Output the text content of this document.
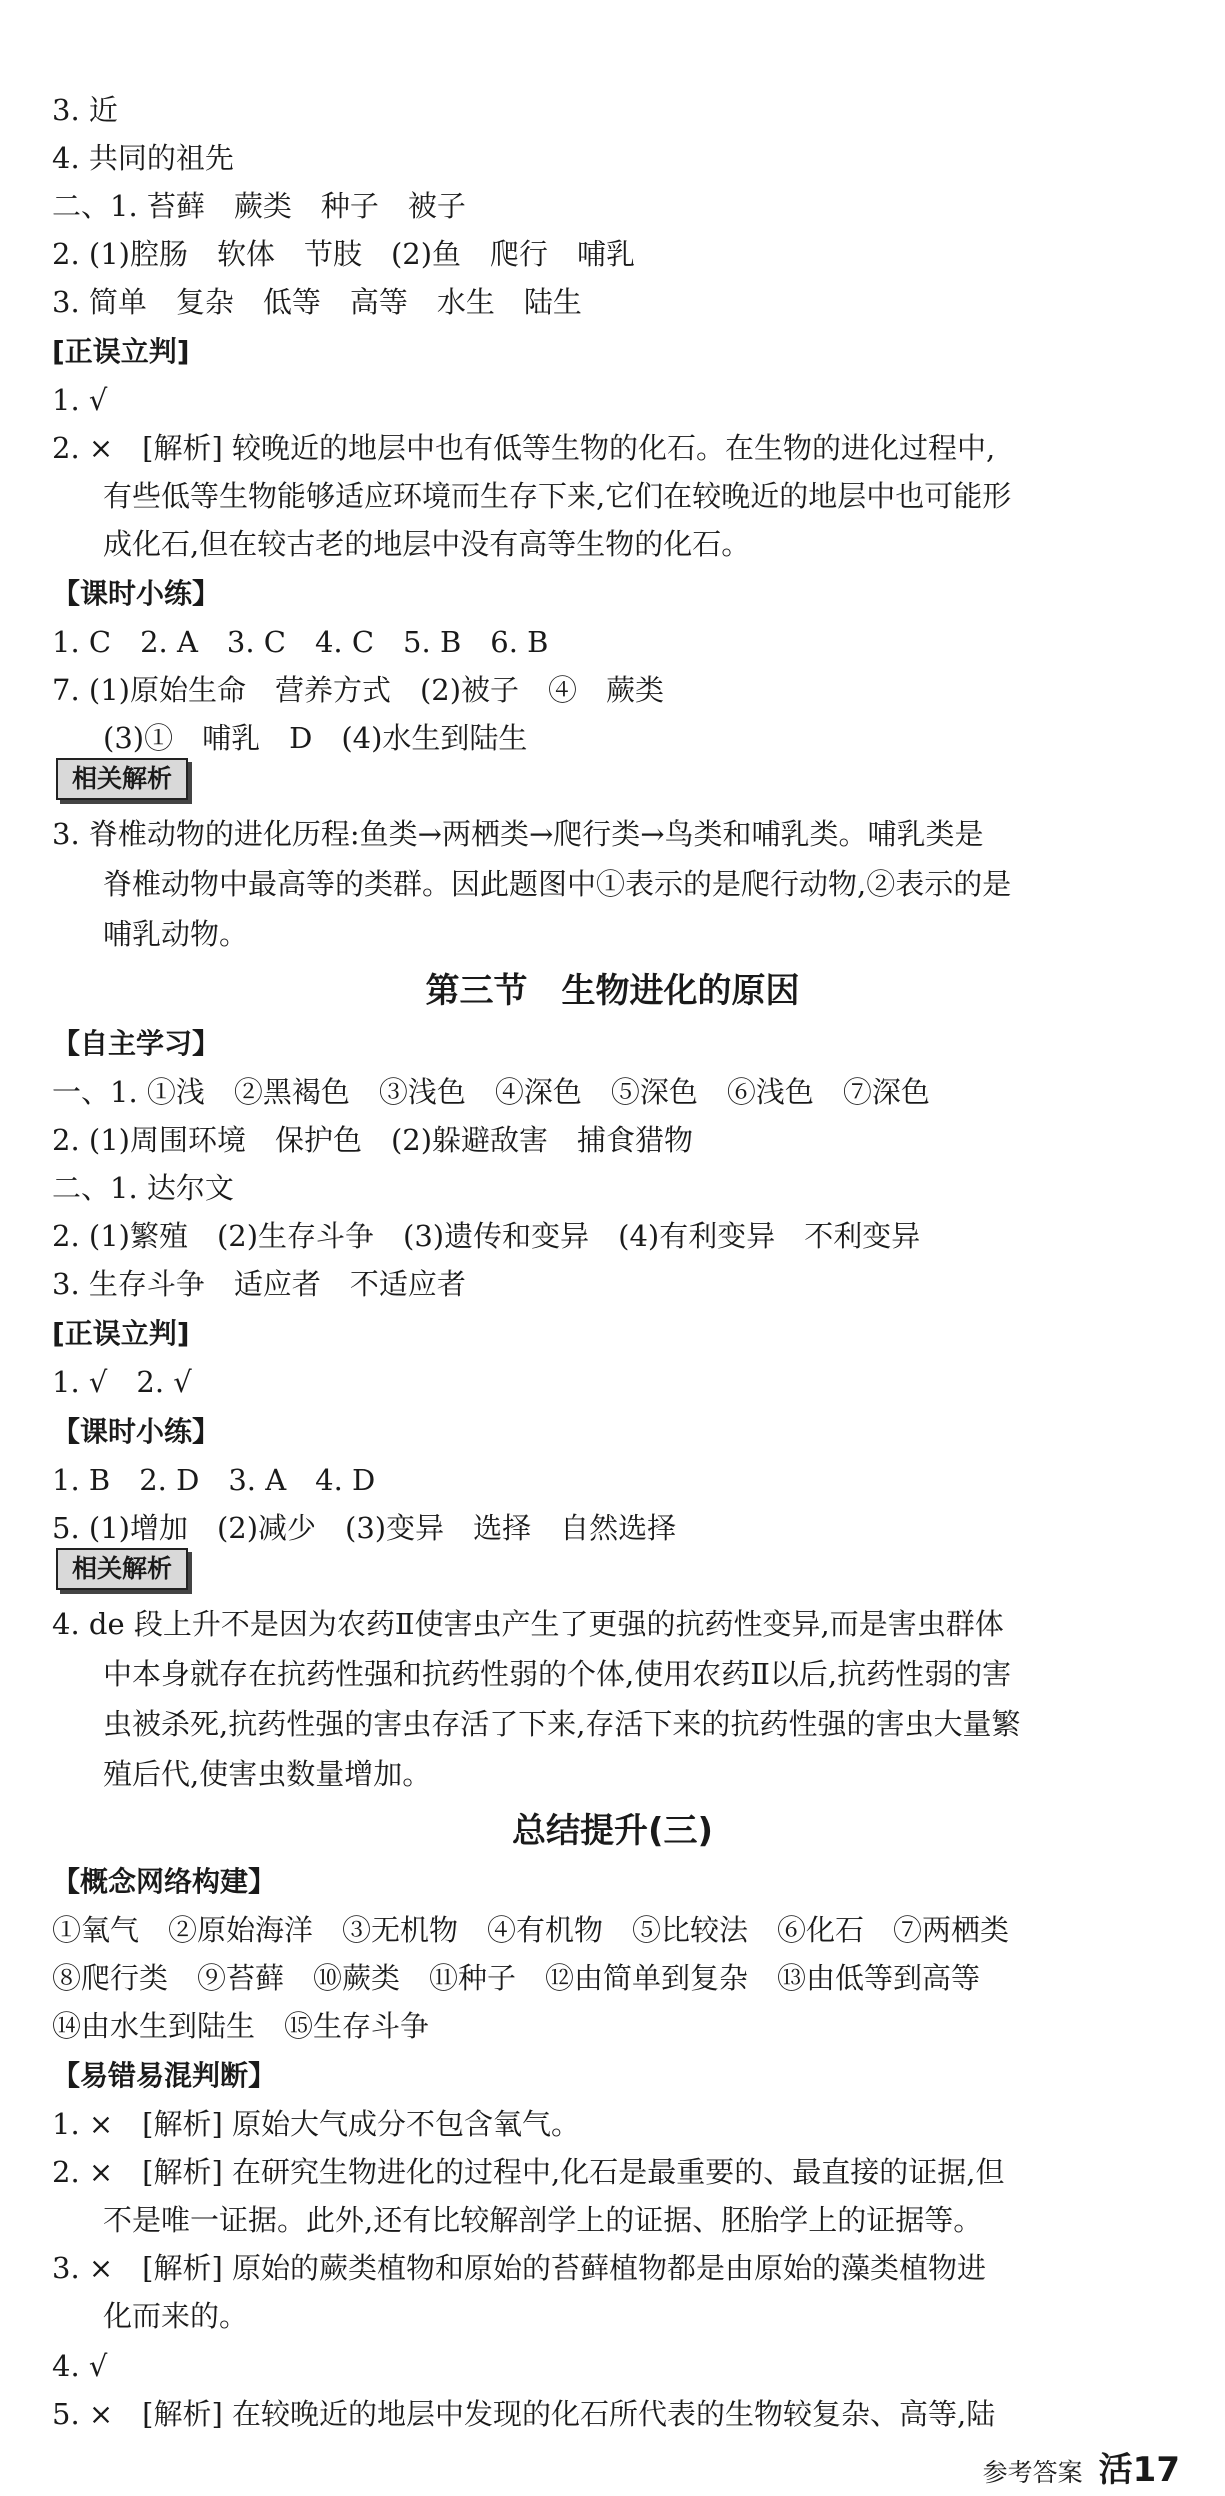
3. 近
4. 共同的祖先
二、1. 苔藓　蕨类　种子　被子
2. (1)腔肠　软体　节肢　(2)鱼　爬行　哺乳
3. 简单　复杂　低等　高等　水生　陆生
[正误立判]
1. √
2. ×　[解析] 较晚近的地层中也有低等生物的化石。在生物的进化过程中,
有些低等生物能够适应环境而生存下来,它们在较晚近的地层中也可能形
成化石,但在较古老的地层中没有高等生物的化石。
【课时小练】
1. C　2. A　3. C　4. C　5. B　6. B
7. (1)原始生命　营养方式　(2)被子　④　蕨类
(3)①　哺乳　D　(4)水生到陆生
相关解析
3. 脊椎动物的进化历程:鱼类→两栖类→爬行类→鸟类和哺乳类。哺乳类是
脊椎动物中最高等的类群。因此题图中①表示的是爬行动物,②表示的是
哺乳动物。
第三节　生物进化的原因
【自主学习】
一、1. ①浅　②黑褐色　③浅色　④深色　⑤深色　⑥浅色　⑦深色
2. (1)周围环境　保护色　(2)躲避敌害　捕食猎物
二、1. 达尔文
2. (1)繁殖　(2)生存斗争　(3)遗传和变异　(4)有利变异　不利变异
3. 生存斗争　适应者　不适应者
[正误立判]
1. √　2. √
【课时小练】
1. B　2. D　3. A　4. D
5. (1)增加　(2)减少　(3)变异　选择　自然选择
相关解析
4. de 段上升不是因为农药Ⅱ使害虫产生了更强的抗药性变异,而是害虫群体
中本身就存在抗药性强和抗药性弱的个体,使用农药Ⅱ以后,抗药性弱的害
虫被杀死,抗药性强的害虫存活了下来,存活下来的抗药性强的害虫大量繁
殖后代,使害虫数量增加。
总结提升(三)
【概念网络构建】
①氧气　②原始海洋　③无机物　④有机物　⑤比较法　⑥化石　⑦两栖类
⑧爬行类　⑨苔藓　⑩蕨类　⑪种子　⑫由简单到复杂　⑬由低等到高等
⑭由水生到陆生　⑮生存斗争
【易错易混判断】
1. ×　[解析] 原始大气成分不包含氧气。
2. ×　[解析] 在研究生物进化的过程中,化石是最重要的、最直接的证据,但
不是唯一证据。此外,还有比较解剖学上的证据、胚胎学上的证据等。
3. ×　[解析] 原始的蕨类植物和原始的苔藓植物都是由原始的藻类植物进
化而来的。
4. √
5. ×　[解析] 在较晚近的地层中发现的化石所代表的生物较复杂、高等,陆
参考答案 活17
